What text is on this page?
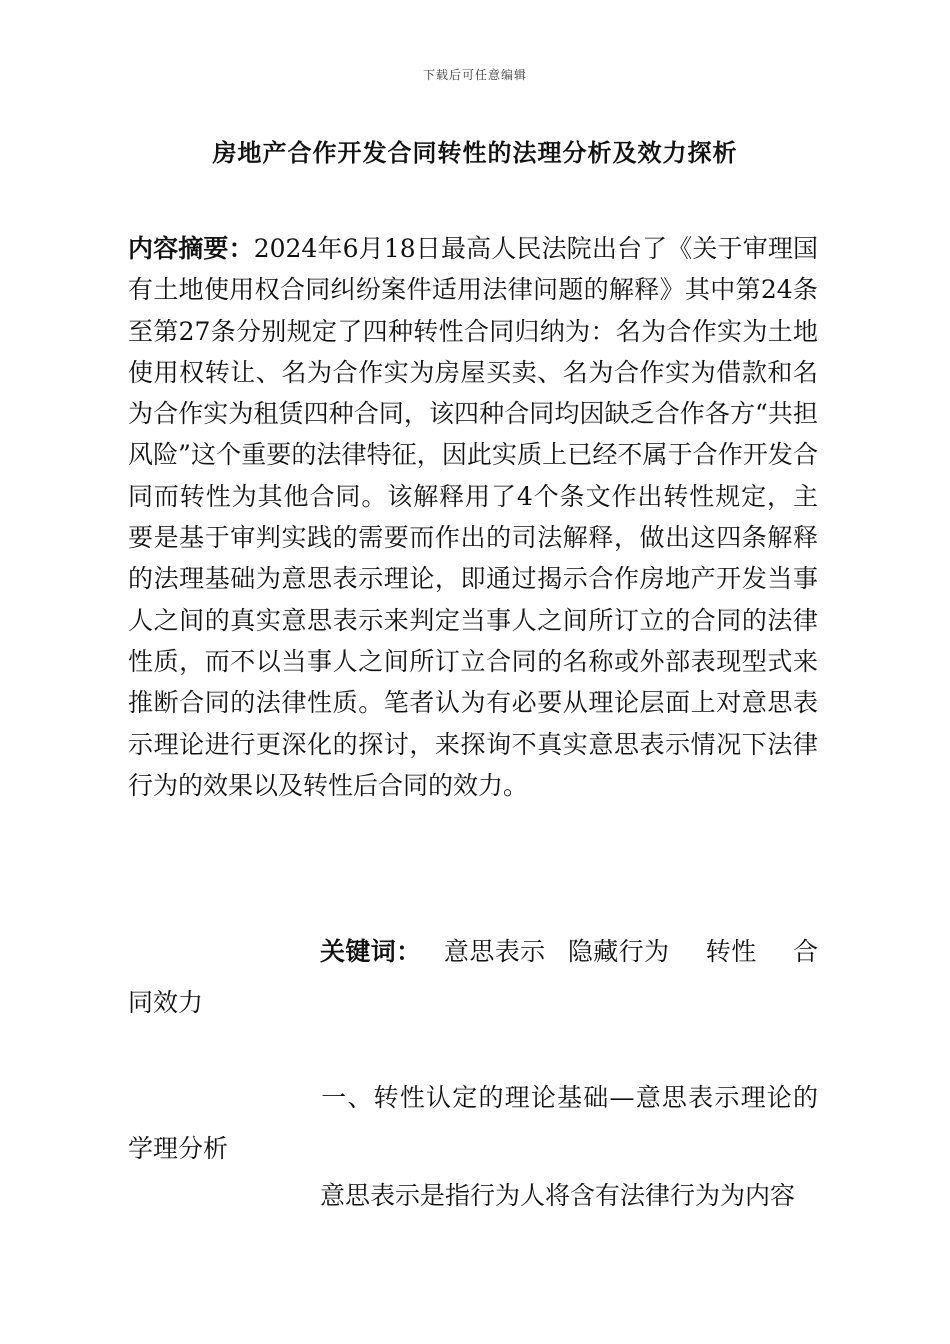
下载后可任意编辑
房地产合作开发合同转性的法理分析及效力探析
内容摘要：2024年6月18日最高人民法院出台了《关于审理国有土地使用权合同纠纷案件适用法律问题的解释》其中第24条至第27条分别规定了四种转性合同归纳为：名为合作实为土地使用权转让、名为合作实为房屋买卖、名为合作实为借款和名为合作实为租赁四种合同，该四种合同均因缺乏合作各方“共担风险”这个重要的法律特征，因此实质上已经不属于合作开发合同而转性为其他合同。该解释用了4个条文作出转性规定，主要是基于审判实践的需要而作出的司法解释，做出这四条解释的法理基础为意思表示理论，即通过揭示合作房地产开发当事人之间的真实意思表示来判定当事人之间所订立的合同的法律性质，而不以当事人之间所订立合同的名称或外部表现型式来推断合同的法律性质。笔者认为有必要从理论层面上对意思表示理论进行更深化的探讨，来探询不真实意思表示情况下法律行为的效果以及转性后合同的效力。
关键词： 意思表示 隐藏行为 转性 合同效力
一、转性认定的理论基础—意思表示理论的学理分析
意思表示是指行为人将含有法律行为为内容
